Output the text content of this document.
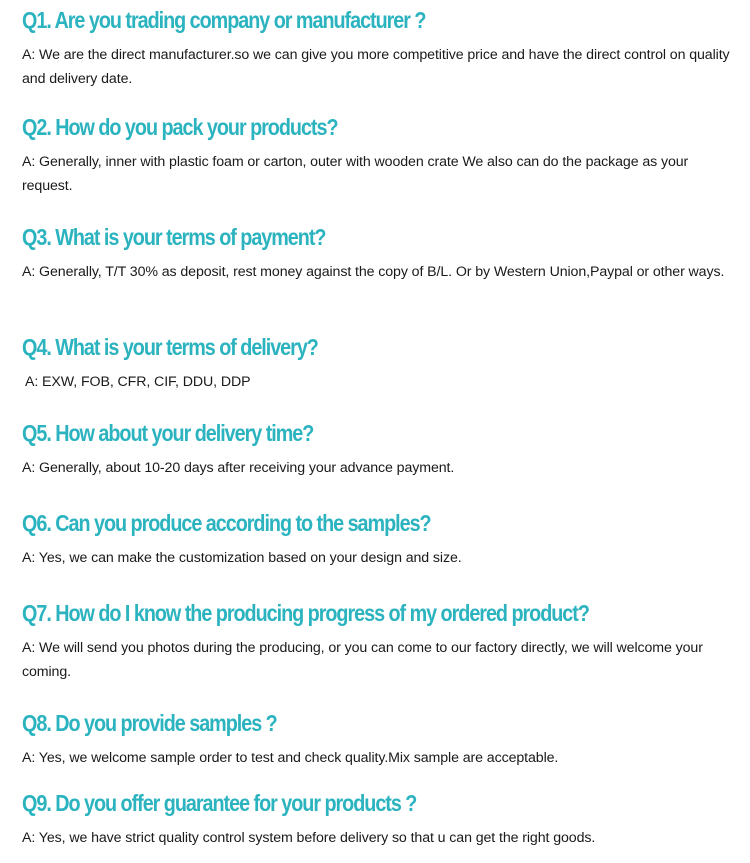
Q1. Are you trading company or manufacturer ?

A: We are the direct manufacturer.so we can give you more competitive price and have the direct control on quality and delivery date.

Q2. How do you pack your products?

A: Generally, inner with plastic foam or carton, outer with wooden crate We also can do the package as your request.

Q3. What is your terms of payment?

A: Generally, T/T 30% as deposit, rest money against the copy of B/L. Or by Western Union,Paypal or other ways.

Q4. What is your terms of delivery?

A: EXW, FOB, CFR, CIF, DDU, DDP

Q5. How about your delivery time?

A: Generally, about 10-20 days after receiving your advance payment.

Q6. Can you produce according to the samples?

A: Yes, we can make the customization based on your design and size.

Q7. How do I know the producing progress of my ordered product?

A: We will send you photos during the producing, or you can come to our factory directly, we will welcome your coming.

Q8. Do you provide samples ?

A: Yes, we welcome sample order to test and check quality.Mix sample are acceptable.

Q9. Do you offer guarantee for your products ?

A: Yes, we have strict quality control system before delivery so that u can get the right goods.
